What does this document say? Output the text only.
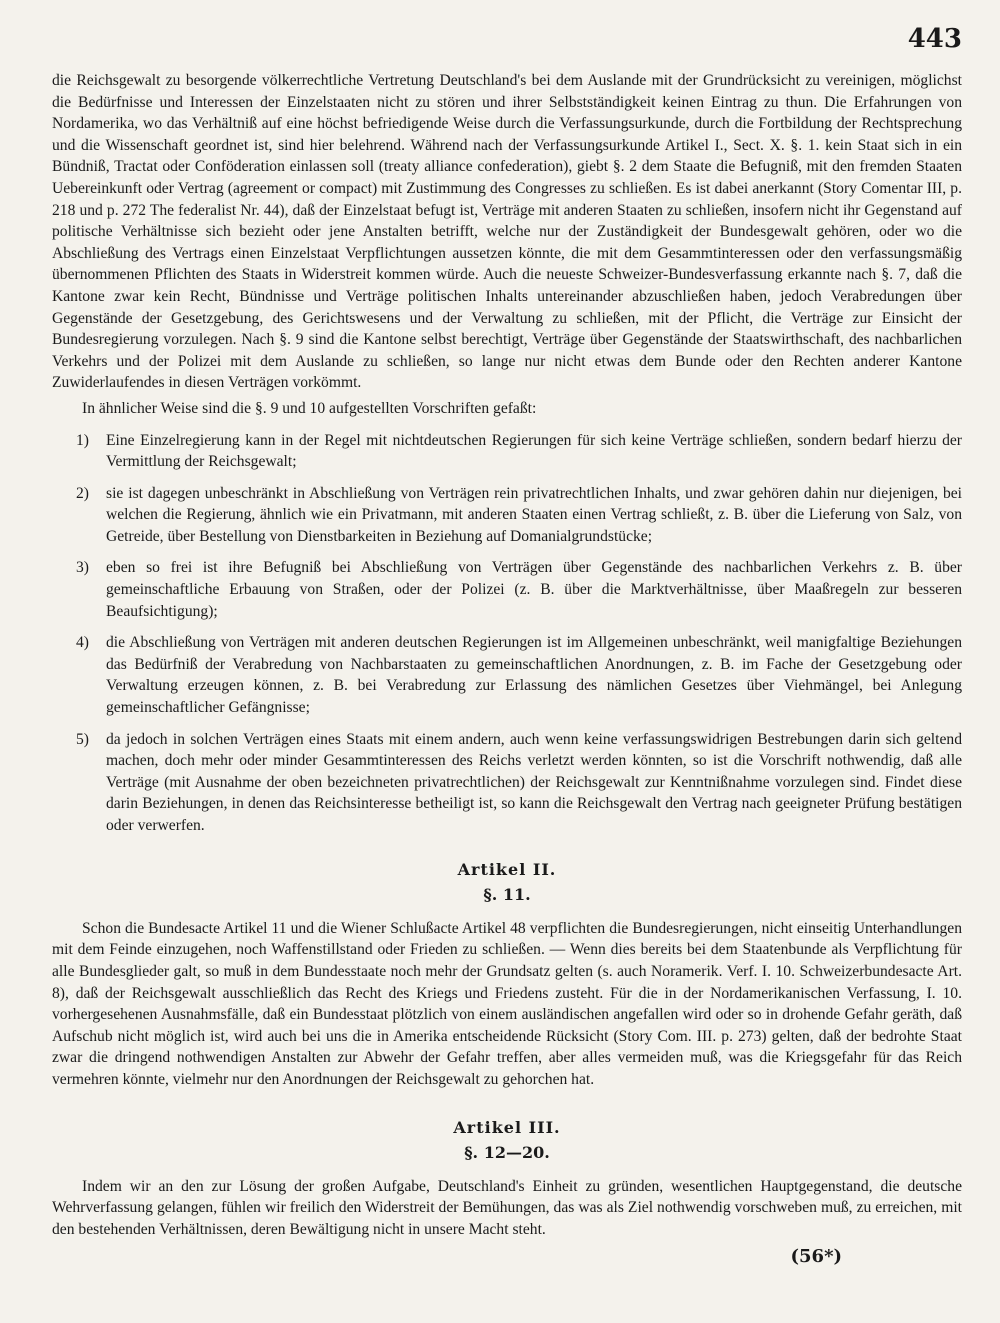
443

die Reichsgewalt zu besorgende völkerrechtliche Vertretung Deutschland's bei dem Auslande mit der Grundrücksicht zu vereinigen, möglichst die Bedürfnisse und Interessen der Einzelstaaten nicht zu stören und ihrer Selbstständigkeit keinen Eintrag zu thun. Die Erfahrungen von Nordamerika, wo das Verhältniß auf eine höchst befriedigende Weise durch die Verfassungsurkunde, durch die Fortbildung der Rechtsprechung und die Wissenschaft geordnet ist, sind hier belehrend. Während nach der Verfassungsurkunde Artikel I., Sect. X. §. 1. kein Staat sich in ein Bündniß, Tractat oder Conföderation einlassen soll (treaty alliance confederation), giebt §. 2 dem Staate die Befugniß, mit den fremden Staaten Uebereinkunft oder Vertrag (agreement or compact) mit Zustimmung des Congresses zu schließen. Es ist dabei anerkannt (Story Comentar III, p. 218 und p. 272 The federalist Nr. 44), daß der Einzelstaat befugt ist, Verträge mit anderen Staaten zu schließen, insofern nicht ihr Gegenstand auf politische Verhältnisse sich bezieht oder jene Anstalten betrifft, welche nur der Zuständigkeit der Bundesgewalt gehören, oder wo die Abschließung des Vertrags einen Einzelstaat Verpflichtungen aussetzen könnte, die mit dem Gesammtinteressen oder den verfassungsmäßig übernommenen Pflichten des Staats in Widerstreit kommen würde. Auch die neueste Schweizer-Bundesverfassung erkannte nach §. 7, daß die Kantone zwar kein Recht, Bündnisse und Verträge politischen Inhalts untereinander abzuschließen haben, jedoch Verabredungen über Gegenstände der Gesetzgebung, des Gerichtswesens und der Verwaltung zu schließen, mit der Pflicht, die Verträge zur Einsicht der Bundesregierung vorzulegen. Nach §. 9 sind die Kantone selbst berechtigt, Verträge über Gegenstände der Staatswirthschaft, des nachbarlichen Verkehrs und der Polizei mit dem Auslande zu schließen, so lange nur nicht etwas dem Bunde oder den Rechten anderer Kantone Zuwiderlaufendes in diesen Verträgen vorkömmt.

In ähnlicher Weise sind die §. 9 und 10 aufgestellten Vorschriften gefaßt:

1) Eine Einzelregierung kann in der Regel mit nichtdeutschen Regierungen für sich keine Verträge schließen, sondern bedarf hierzu der Vermittlung der Reichsgewalt;
2) sie ist dagegen unbeschränkt in Abschließung von Verträgen rein privatrechtlichen Inhalts, und zwar gehören dahin nur diejenigen, bei welchen die Regierung, ähnlich wie ein Privatmann, mit anderen Staaten einen Vertrag schließt, z. B. über die Lieferung von Salz, von Getreide, über Bestellung von Dienstbarkeiten in Beziehung auf Domanialgrundstücke;
3) eben so frei ist ihre Befugniß bei Abschließung von Verträgen über Gegenstände des nachbarlichen Verkehrs z. B. über gemeinschaftliche Erbauung von Straßen, oder der Polizei (z. B. über die Marktverhältnisse, über Maaßregeln zur besseren Beaufsichtigung);
4) die Abschließung von Verträgen mit anderen deutschen Regierungen ist im Allgemeinen unbeschränkt, weil manigfaltige Beziehungen das Bedürfniß der Verabredung von Nachbarstaaten zu gemeinschaftlichen Anordnungen, z. B. im Fache der Gesetzgebung oder Verwaltung erzeugen können, z. B. bei Verabredung zur Erlassung des nämlichen Gesetzes über Viehmängel, bei Anlegung gemeinschaftlicher Gefängnisse;
5) da jedoch in solchen Verträgen eines Staats mit einem andern, auch wenn keine verfassungswidrigen Bestrebungen darin sich geltend machen, doch mehr oder minder Gesammtinteressen des Reichs verletzt werden könnten, so ist die Vorschrift nothwendig, daß alle Verträge (mit Ausnahme der oben bezeichneten privatrechtlichen) der Reichsgewalt zur Kenntnißnahme vorzulegen sind. Findet diese darin Beziehungen, in denen das Reichsinteresse betheiligt ist, so kann die Reichsgewalt den Vertrag nach geeigneter Prüfung bestätigen oder verwerfen.

Artikel II.

§. 11.

Schon die Bundesacte Artikel 11 und die Wiener Schlußacte Artikel 48 verpflichten die Bundesregierungen, nicht einseitig Unterhandlungen mit dem Feinde einzugehen, noch Waffenstillstand oder Frieden zu schließen. — Wenn dies bereits bei dem Staatenbunde als Verpflichtung für alle Bundesglieder galt, so muß in dem Bundesstaate noch mehr der Grundsatz gelten (s. auch Noramerik. Verf. I. 10. Schweizerbundesacte Art. 8), daß der Reichsgewalt ausschließlich das Recht des Kriegs und Friedens zusteht. Für die in der Nordamerikanischen Verfassung, I. 10. vorhergesehenen Ausnahmsfälle, daß ein Bundesstaat plötzlich von einem ausländischen angefallen wird oder so in drohende Gefahr geräth, daß Aufschub nicht möglich ist, wird auch bei uns die in Amerika entscheidende Rücksicht (Story Com. III. p. 273) gelten, daß der bedrohte Staat zwar die dringend nothwendigen Anstalten zur Abwehr der Gefahr treffen, aber alles vermeiden muß, was die Kriegsgefahr für das Reich vermehren könnte, vielmehr nur den Anordnungen der Reichsgewalt zu gehorchen hat.

Artikel III.

§. 12—20.

Indem wir an den zur Lösung der großen Aufgabe, Deutschland's Einheit zu gründen, wesentlichen Hauptgegenstand, die deutsche Wehrverfassung gelangen, fühlen wir freilich den Widerstreit der Bemühungen, das was als Ziel nothwendig vorschweben muß, zu erreichen, mit den bestehenden Verhältnissen, deren Bewältigung nicht in unsere Macht steht.

(56*)
